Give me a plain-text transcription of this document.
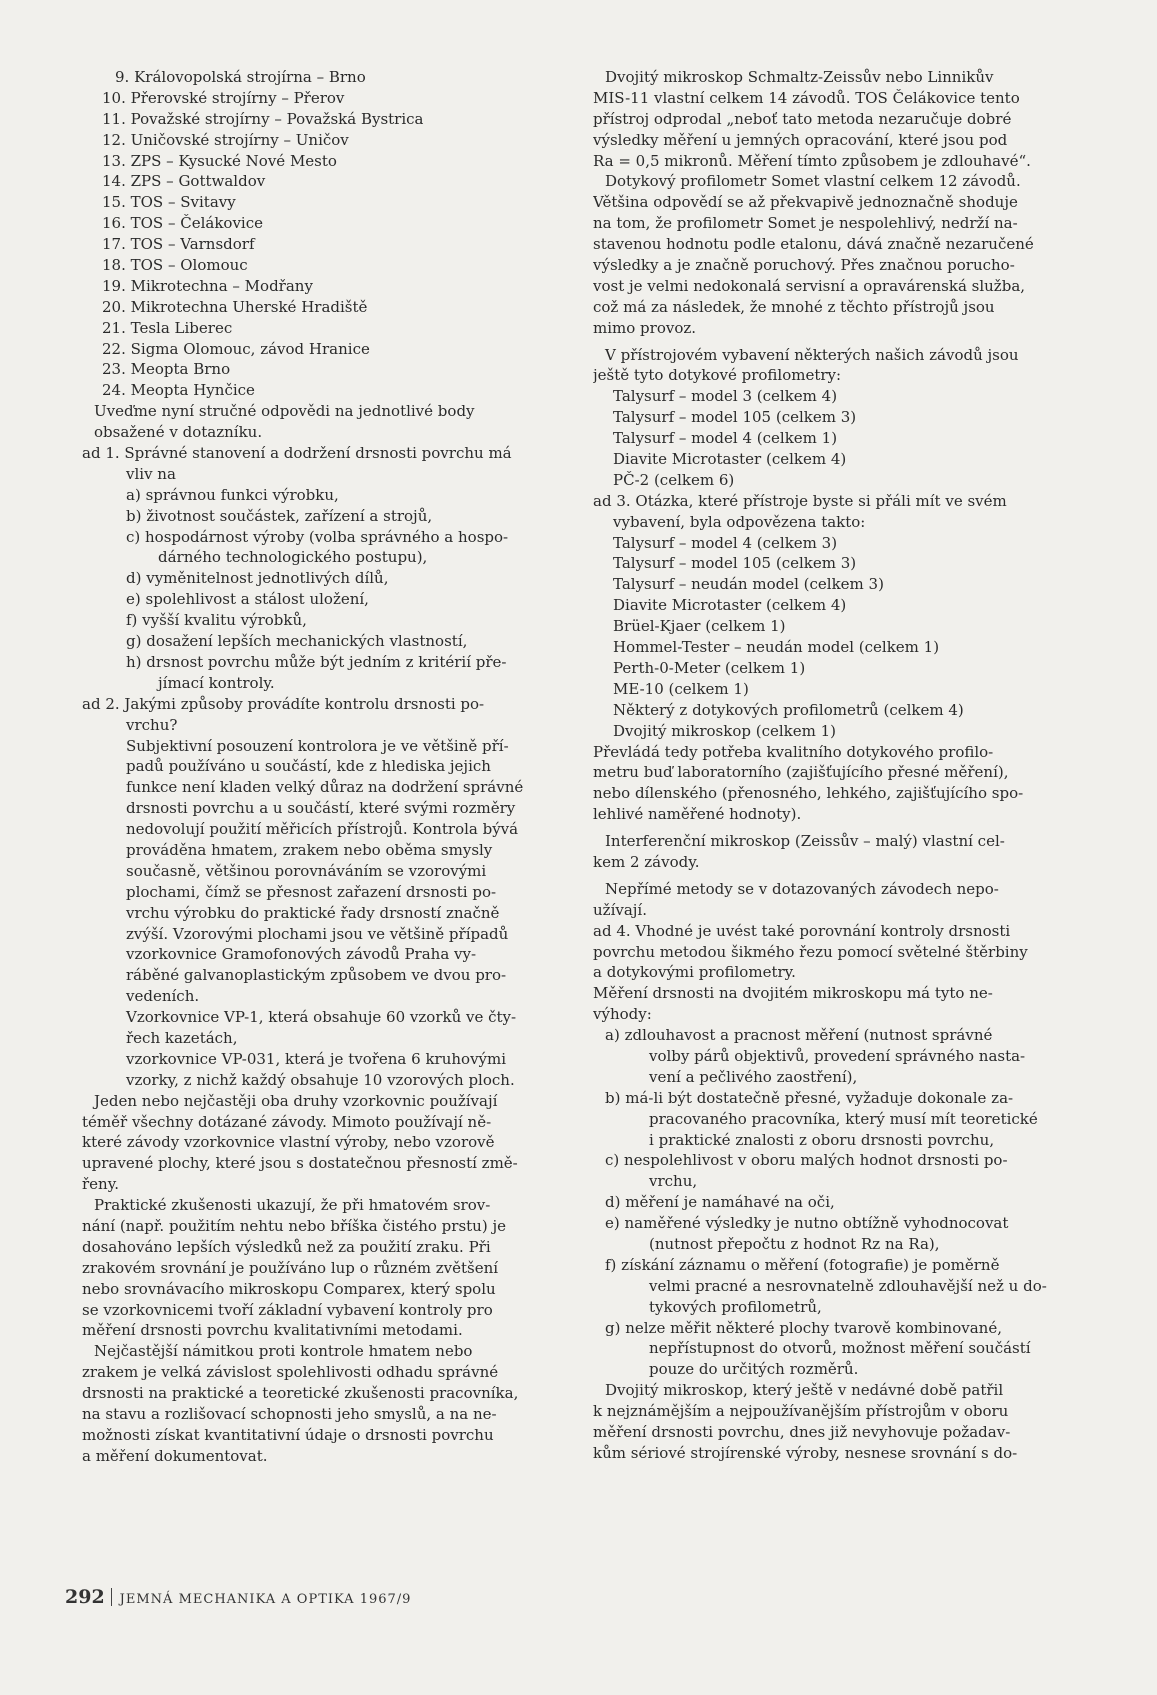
9. Královopolská strojírna – Brno
10. Přerovské strojírny – Přerov
11. Považské strojírny – Považská Bystrica
12. Uničovské strojírny – Uničov
13. ZPS – Kysucké Nové Mesto
14. ZPS – Gottwaldov
15. TOS – Svitavy
16. TOS – Čelákovice
17. TOS – Varnsdorf
18. TOS – Olomouc
19. Mikrotechna – Modřany
20. Mikrotechna Uherské Hradiště
21. Tesla Liberec
22. Sigma Olomouc, závod Hranice
23. Meopta Brno
24. Meopta Hynčice
Uveďme nyní stručné odpovědi na jednotlivé body
obsažené v dotazníku.
ad 1. Správné stanovení a dodržení drsnosti povrchu má
vliv na
a) správnou funkci výrobku,
b) životnost součástek, zařízení a strojů,
c) hospodárnost výroby (volba správného a hospo-
dárného technologického postupu),
d) vyměnitelnost jednotlivých dílů,
e) spolehlivost a stálost uložení,
f) vyšší kvalitu výrobků,
g) dosažení lepších mechanických vlastností,
h) drsnost povrchu může být jedním z kritérií pře-
jímací kontroly.
ad 2. Jakými způsoby provádíte kontrolu drsnosti po-
vrchu?
Subjektivní posouzení kontrolora je ve většině pří-
padů používáno u součástí, kde z hlediska jejich
funkce není kladen velký důraz na dodržení správné
drsnosti povrchu a u součástí, které svými rozměry
nedovolují použití měřicích přístrojů. Kontrola bývá
prováděna hmatem, zrakem nebo oběma smysly
současně, většinou porovnáváním se vzorovými
plochami, čímž se přesnost zařazení drsnosti po-
vrchu výrobku do praktické řady drsností značně
zvýší. Vzorovými plochami jsou ve většině případů
vzorkovnice Gramofonových závodů Praha vy-
ráběné galvanoplastickým způsobem ve dvou pro-
vedeních.
Vzorkovnice VP-1, která obsahuje 60 vzorků ve čty-
řech kazetách,
vzorkovnice VP-031, která je tvořena 6 kruhovými
vzorky, z nichž každý obsahuje 10 vzorových ploch.
Jeden nebo nejčastěji oba druhy vzorkovnic používají
téměř všechny dotázané závody. Mimoto používají ně-
které závody vzorkovnice vlastní výroby, nebo vzorově
upravené plochy, které jsou s dostatečnou přesností změ-
řeny.
Praktické zkušenosti ukazují, že při hmatovém srov-
nání (např. použitím nehtu nebo bříška čistého prstu) je
dosahováno lepších výsledků než za použití zraku. Při
zrakovém srovnání je používáno lup o různém zvětšení
nebo srovnávacího mikroskopu Comparex, který spolu
se vzorkovnicemi tvoří základní vybavení kontroly pro
měření drsnosti povrchu kvalitativními metodami.
Nejčastější námitkou proti kontrole hmatem nebo
zrakem je velká závislost spolehlivosti odhadu správné
drsnosti na praktické a teoretické zkušenosti pracovníka,
na stavu a rozlišovací schopnosti jeho smyslů, a na ne-
možnosti získat kvantitativní údaje o drsnosti povrchu
a měření dokumentovat.
Dvojitý mikroskop Schmaltz-Zeissův nebo Linnikův
MIS-11 vlastní celkem 14 závodů. TOS Čelákovice tento
přístroj odprodal „neboť tato metoda nezaručuje dobré
výsledky měření u jemných opracování, které jsou pod
Ra = 0,5 mikronů. Měření tímto způsobem je zdlouhavé“.
Dotykový profilometr Somet vlastní celkem 12 závodů.
Většina odpovědí se až překvapivě jednoznačně shoduje
na tom, že profilometr Somet je nespolehlivý, nedrží na-
stavenou hodnotu podle etalonu, dává značně nezaručené
výsledky a je značně poruchový. Přes značnou porucho-
vost je velmi nedokonalá servisní a opravárenská služba,
což má za následek, že mnohé z těchto přístrojů jsou
mimo provoz.
V přístrojovém vybavení některých našich závodů jsou
ještě tyto dotykové profilometry:
Talysurf – model 3 (celkem 4)
Talysurf – model 105 (celkem 3)
Talysurf – model 4 (celkem 1)
Diavite Microtaster (celkem 4)
PČ-2 (celkem 6)
ad 3. Otázka, které přístroje byste si přáli mít ve svém
vybavení, byla odpovězena takto:
Talysurf – model 4 (celkem 3)
Talysurf – model 105 (celkem 3)
Talysurf – neudán model (celkem 3)
Diavite Microtaster (celkem 4)
Brüel-Kjaer (celkem 1)
Hommel-Tester – neudán model (celkem 1)
Perth-0-Meter (celkem 1)
ME-10 (celkem 1)
Některý z dotykových profilometrů (celkem 4)
Dvojitý mikroskop (celkem 1)
Převládá tedy potřeba kvalitního dotykového profilo-
metru buď laboratorního (zajišťujícího přesné měření),
nebo dílenského (přenosného, lehkého, zajišťujícího spo-
lehlivé naměřené hodnoty).
Interferenční mikroskop (Zeissův – malý) vlastní cel-
kem 2 závody.
Nepřímé metody se v dotazovaných závodech nepo-
užívají.
ad 4. Vhodné je uvést také porovnání kontroly drsnosti
povrchu metodou šikmého řezu pomocí světelné štěrbiny
a dotykovými profilometry.
Měření drsnosti na dvojitém mikroskopu má tyto ne-
výhody:
a) zdlouhavost a pracnost měření (nutnost správné
volby párů objektivů, provedení správného nasta-
vení a pečlivého zaostření),
b) má-li být dostatečně přesné, vyžaduje dokonale za-
pracovaného pracovníka, který musí mít teoretické
i praktické znalosti z oboru drsnosti povrchu,
c) nespolehlivost v oboru malých hodnot drsnosti po-
vrchu,
d) měření je namáhavé na oči,
e) naměřené výsledky je nutno obtížně vyhodnocovat
(nutnost přepočtu z hodnot Rz na Ra),
f) získání záznamu o měření (fotografie) je poměrně
velmi pracné a nesrovnatelně zdlouhavější než u do-
tykových profilometrů,
g) nelze měřit některé plochy tvarově kombinované,
nepřístupnost do otvorů, možnost měření součástí
pouze do určitých rozměrů.
Dvojitý mikroskop, který ještě v nedávné době patřil
k nejznámějším a nejpoužívanějším přístrojům v oboru
měření drsnosti povrchu, dnes již nevyhovuje požadav-
kům sériové strojírenské výroby, nesnese srovnání s do-
292 JEMNÁ MECHANIKA A OPTIKA 1967/9
